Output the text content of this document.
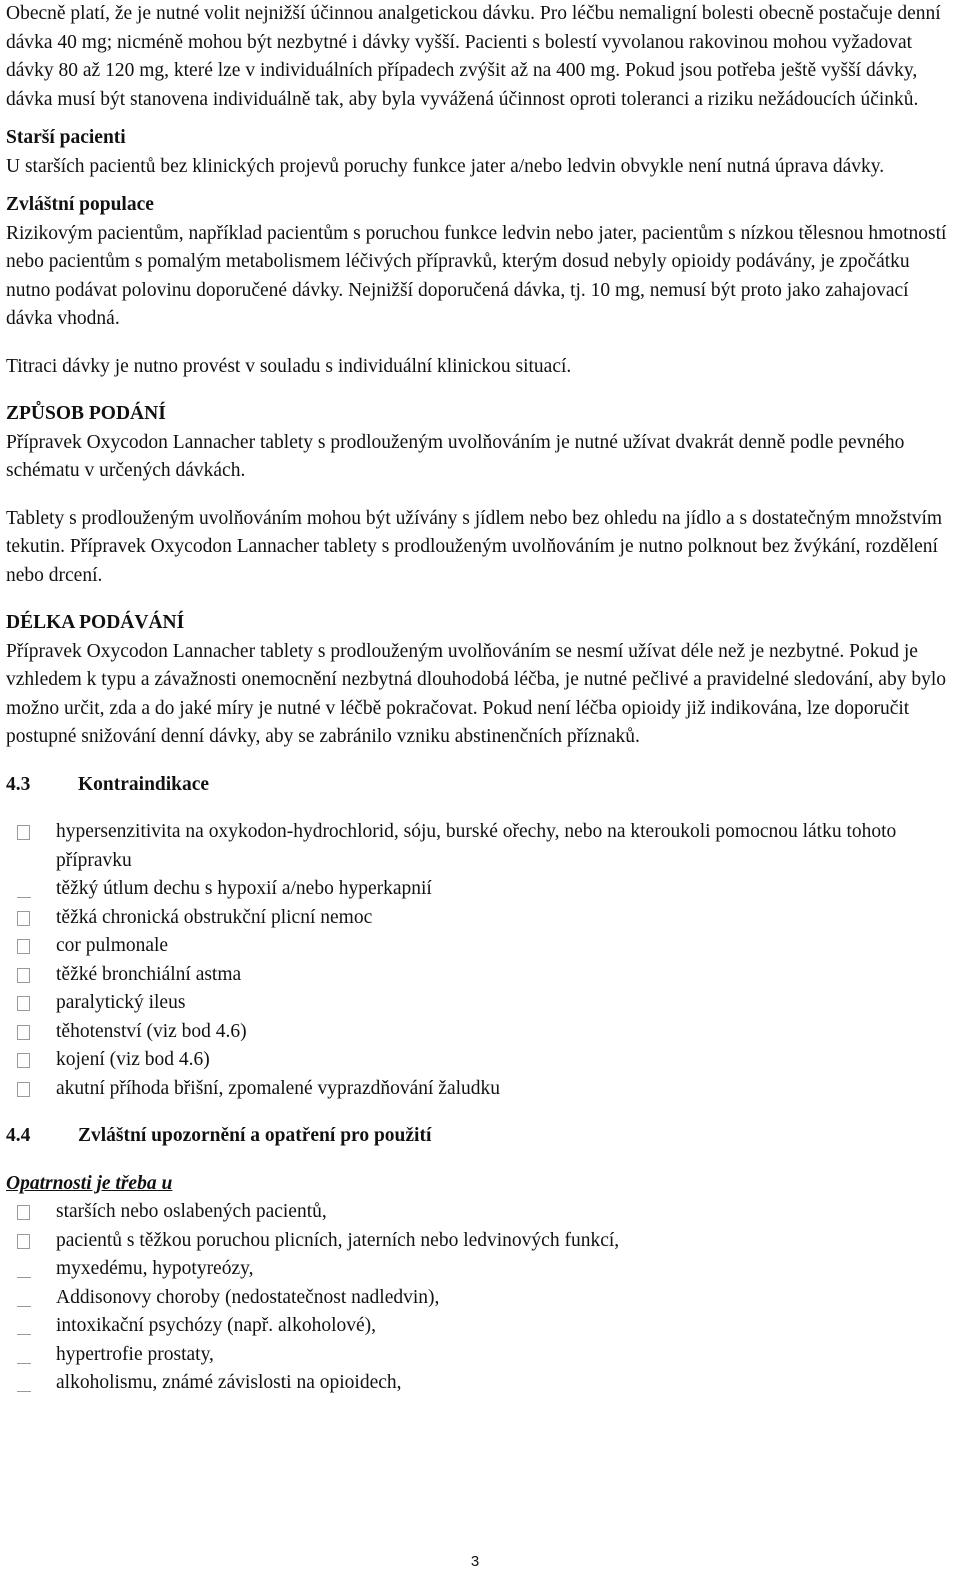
Obecně platí, že je nutné volit nejnižší účinnou analgetickou dávku. Pro léčbu nemaligní bolesti obecně postačuje denní dávka 40 mg; nicméně mohou být nezbytné i dávky vyšší. Pacienti s bolestí vyvolanou rakovinou mohou vyžadovat dávky 80 až 120 mg, které lze v individuálních případech zvýšit až na 400 mg. Pokud jsou potřeba ještě vyšší dávky, dávka musí být stanovena individuálně tak, aby byla vyvážená účinnost oproti toleranci a riziku nežádoucích účinků.

Starší pacienti

U starších pacientů bez klinických projevů poruchy funkce jater a/nebo ledvin obvykle není nutná úprava dávky.

Zvláštní populace

Rizikovým pacientům, například pacientům s poruchou funkce ledvin nebo jater, pacientům s nízkou tělesnou hmotností nebo pacientům s pomalým metabolismem léčivých přípravků, kterým dosud nebyly opioidy podávány, je zpočátku nutno podávat polovinu doporučené dávky. Nejnižší doporučená dávka, tj. 10 mg, nemusí být proto jako zahajovací dávka vhodná.

Titraci dávky je nutno provést v souladu s individuální klinickou situací.

ZPŮSOB PODÁNÍ

Přípravek Oxycodon Lannacher tablety s prodlouženým uvolňováním je nutné užívat dvakrát denně podle pevného schématu v určených dávkách.

Tablety s prodlouženým uvolňováním mohou být užívány s jídlem nebo bez ohledu na jídlo a s dostatečným množstvím tekutin. Přípravek Oxycodon Lannacher tablety s prodlouženým uvolňováním je nutno polknout bez žvýkání, rozdělení nebo drcení.

DÉLKA PODÁVÁNÍ

Přípravek Oxycodon Lannacher tablety s prodlouženým uvolňováním se nesmí užívat déle než je nezbytné. Pokud je vzhledem k typu a závažnosti onemocnění nezbytná dlouhodobá léčba, je nutné pečlivé a pravidelné sledování, aby bylo možno určit, zda a do jaké míry je nutné v léčbě pokračovat. Pokud není léčba opioidy již indikována, lze doporučit postupné snižování denní dávky, aby se zabránilo vzniku abstinenčních příznaků.

4.3	Kontraindikace

hypersenzitivita na oxykodon-hydrochlorid, sóju, burské ořechy, nebo na kteroukoli pomocnou látku tohoto přípravku
těžký útlum dechu s hypoxií a/nebo hyperkapnií
těžká chronická obstrukční plicní nemoc
cor pulmonale
těžké bronchiální astma
paralytický ileus
těhotenství (viz bod 4.6)
kojení (viz bod 4.6)
akutní příhoda břišní, zpomalené vyprazdňování žaludku

4.4	Zvláštní upozornění a opatření pro použití

Opatrnosti je třeba u

starších nebo oslabených pacientů,
pacientů s těžkou poruchou plicních, jaterních nebo ledvinových funkcí,
myxedému, hypotyreózy,
Addisonovy choroby (nedostatečnost nadledvin),
intoxikační psychózy (např. alkoholové),
hypertrofie prostaty,
alkoholismu, známé závislosti na opioidech,
3
